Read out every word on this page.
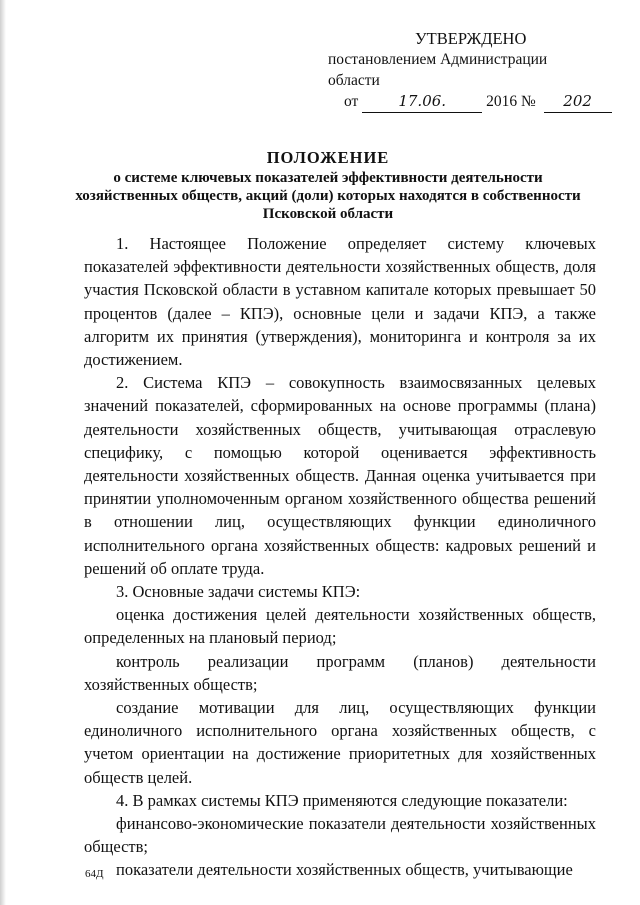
УТВЕРЖДЕНО
постановлением Администрации области
от	17.06.	2016 № 202
ПОЛОЖЕНИЕ
о системе ключевых показателей эффективности деятельности
хозяйственных обществ, акций (доли) которых находятся в собственности
Псковской области

1. Настоящее Положение определяет систему ключевых показателей эффективности деятельности хозяйственных обществ, доля участия Псковской области в уставном капитале которых превышает 50 процентов (далее – КПЭ), основные цели и задачи КПЭ, а также алгоритм их принятия (утверждения), мониторинга и контроля за их достижением.

2. Система КПЭ – совокупность взаимосвязанных целевых значений показателей, сформированных на основе программы (плана) деятельности хозяйственных обществ, учитывающая отраслевую специфику, с помощью которой оценивается эффективность деятельности хозяйственных обществ. Данная оценка учитывается при принятии уполномоченным органом хозяйственного общества решений в отношении лиц, осуществляющих функции единоличного исполнительного органа хозяйственных обществ: кадровых решений и решений об оплате труда.

3. Основные задачи системы КПЭ:

оценка достижения целей деятельности хозяйственных обществ, определенных на плановый период;

контроль реализации программ (планов) деятельности хозяйственных обществ;

создание мотивации для лиц, осуществляющих функции единоличного исполнительного органа хозяйственных обществ, с учетом ориентации на достижение приоритетных для хозяйственных обществ целей.

4. В рамках системы КПЭ применяются следующие показатели:

финансово-экономические показатели деятельности хозяйственных обществ;

показатели деятельности хозяйственных обществ, учитывающие

64Д
